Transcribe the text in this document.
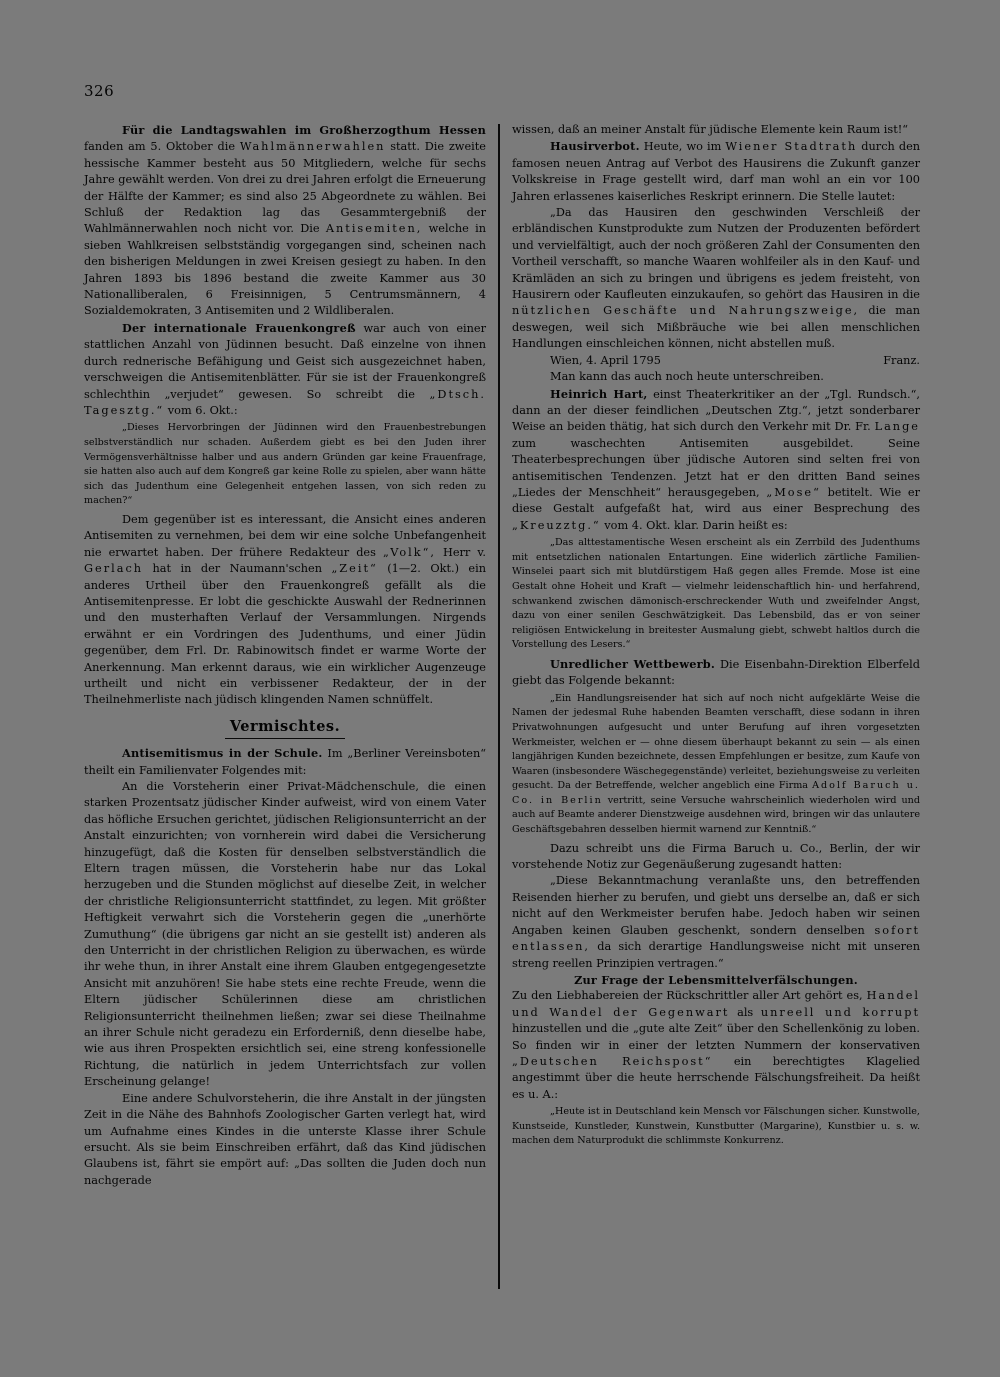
326

Für die Landtagswahlen im Großherzogthum Hessen fanden am 5. Oktober die Wahlmännerwahlen statt. Die zweite hessische Kammer besteht aus 50 Mitgliedern, welche für sechs Jahre gewählt werden. Von drei zu drei Jahren erfolgt die Erneuerung der Hälfte der Kammer; es sind also 25 Abgeordnete zu wählen. Bei Schluß der Redaktion lag das Gesammtergebniß der Wahlmännerwahlen noch nicht vor. Die Antisemiten, welche in sieben Wahlkreisen selbstständig vorgegangen sind, scheinen nach den bisherigen Meldungen in zwei Kreisen gesiegt zu haben. In den Jahren 1893 bis 1896 bestand die zweite Kammer aus 30 Nationalliberalen, 6 Freisinnigen, 5 Centrumsmännern, 4 Sozialdemokraten, 3 Antisemiten und 2 Wildliberalen.

Der internationale Frauenkongreß war auch von einer stattlichen Anzahl von Jüdinnen besucht. Daß einzelne von ihnen durch rednerische Befähigung und Geist sich ausgezeichnet haben, verschweigen die Antisemitenblätter. Für sie ist der Frauenkongreß schlechthin „verjudet“ gewesen. So schreibt die „Dtsch. Tagesztg.“ vom 6. Okt.:

„Dieses Hervorbringen der Jüdinnen wird den Frauenbestrebungen selbstverständlich nur schaden. Außerdem giebt es bei den Juden ihrer Vermögensverhältnisse halber und aus andern Gründen gar keine Frauenfrage, sie hatten also auch auf dem Kongreß gar keine Rolle zu spielen, aber wann hätte sich das Judenthum eine Gelegenheit entgehen lassen, von sich reden zu machen?“

Dem gegenüber ist es interessant, die Ansicht eines anderen Antisemiten zu vernehmen, bei dem wir eine solche Unbefangenheit nie erwartet haben. Der frühere Redakteur des „Volk“, Herr v. Gerlach hat in der Naumann'schen „Zeit“ (1—2. Okt.) ein anderes Urtheil über den Frauenkongreß gefällt als die Antisemitenpresse. Er lobt die geschickte Auswahl der Rednerinnen und den musterhaften Verlauf der Versammlungen. Nirgends erwähnt er ein Vordringen des Judenthums, und einer Jüdin gegenüber, dem Frl. Dr. Rabinowitsch findet er warme Worte der Anerkennung. Man erkennt daraus, wie ein wirklicher Augenzeuge urtheilt und nicht ein verbissener Redakteur, der in der Theilnehmerliste nach jüdisch klingenden Namen schnüffelt.

Vermischtes.

Antisemitismus in der Schule. Im „Berliner Vereinsboten“ theilt ein Familienvater Folgendes mit:

An die Vorsteherin einer Privat-Mädchenschule, die einen starken Prozentsatz jüdischer Kinder aufweist, wird von einem Vater das höfliche Ersuchen gerichtet, jüdischen Religionsunterricht an der Anstalt einzurichten; von vornherein wird dabei die Versicherung hinzugefügt, daß die Kosten für denselben selbstverständlich die Eltern tragen müssen, die Vorsteherin habe nur das Lokal herzugeben und die Stunden möglichst auf dieselbe Zeit, in welcher der christliche Religionsunterricht stattfindet, zu legen. Mit größter Heftigkeit verwahrt sich die Vorsteherin gegen die „unerhörte Zumuthung“ (die übrigens gar nicht an sie gestellt ist) anderen als den Unterricht in der christlichen Religion zu überwachen, es würde ihr wehe thun, in ihrer Anstalt eine ihrem Glauben entgegengesetzte Ansicht mit anzuhören! Sie habe stets eine rechte Freude, wenn die Eltern jüdischer Schülerinnen diese am christlichen Religionsunterricht theilnehmen ließen; zwar sei diese Theilnahme an ihrer Schule nicht geradezu ein Erforderniß, denn dieselbe habe, wie aus ihren Prospekten ersichtlich sei, eine streng konfessionelle Richtung, die natürlich in jedem Unterrichtsfach zur vollen Erscheinung gelange!

Eine andere Schulvorsteherin, die ihre Anstalt in der jüngsten Zeit in die Nähe des Bahnhofs Zoologischer Garten verlegt hat, wird um Aufnahme eines Kindes in die unterste Klasse ihrer Schule ersucht. Als sie beim Einschreiben erfährt, daß das Kind jüdischen Glaubens ist, fährt sie empört auf: „Das sollten die Juden doch nun nachgerade

wissen, daß an meiner Anstalt für jüdische Elemente kein Raum ist!“

Hausirverbot. Heute, wo im Wiener Stadtrath durch den famosen neuen Antrag auf Verbot des Hausirens die Zukunft ganzer Volkskreise in Frage gestellt wird, darf man wohl an ein vor 100 Jahren erlassenes kaiserliches Reskript erinnern. Die Stelle lautet:

„Da das Hausiren den geschwinden Verschleiß der erbländischen Kunstprodukte zum Nutzen der Produzenten befördert und vervielfältigt, auch der noch größeren Zahl der Consumenten den Vortheil verschafft, so manche Waaren wohlfeiler als in den Kauf- und Krämläden an sich zu bringen und übrigens es jedem freisteht, von Hausirern oder Kaufleuten einzukaufen, so gehört das Hausiren in die nützlichen Geschäfte und Nahrungszweige, die man deswegen, weil sich Mißbräuche wie bei allen menschlichen Handlungen einschleichen können, nicht abstellen muß.

Wien, 4. April 1795	Franz.

Man kann das auch noch heute unterschreiben.

Heinrich Hart, einst Theaterkritiker an der „Tgl. Rundsch.“, dann an der dieser feindlichen „Deutschen Ztg.“, jetzt sonderbarer Weise an beiden thätig, hat sich durch den Verkehr mit Dr. Fr. Lange zum waschechten Antisemiten ausgebildet. Seine Theaterbesprechungen über jüdische Autoren sind selten frei von antisemitischen Tendenzen. Jetzt hat er den dritten Band seines „Liedes der Menschheit“ herausgegeben, „Mose“ betitelt. Wie er diese Gestalt aufgefaßt hat, wird aus einer Besprechung des „Kreuzztg.“ vom 4. Okt. klar. Darin heißt es:

„Das alttestamentische Wesen erscheint als ein Zerrbild des Judenthums mit entsetzlichen nationalen Entartungen. Eine widerlich zärtliche Familien-Winselei paart sich mit blutdürstigem Haß gegen alles Fremde. Mose ist eine Gestalt ohne Hoheit und Kraft — vielmehr leidenschaftlich hin- und herfahrend, schwankend zwischen dämonisch-erschreckender Wuth und zweifelnder Angst, dazu von einer senilen Geschwätzigkeit. Das Lebensbild, das er von seiner religiösen Entwickelung in breitester Ausmalung giebt, schwebt haltlos durch die Vorstellung des Lesers.“

Unredlicher Wettbewerb. Die Eisenbahn-Direktion Elberfeld giebt das Folgende bekannt:

„Ein Handlungsreisender hat sich auf noch nicht aufgeklärte Weise die Namen der jedesmal Ruhe habenden Beamten verschafft, diese sodann in ihren Privatwohnungen aufgesucht und unter Berufung auf ihren vorgesetzten Werkmeister, welchen er — ohne diesem überhaupt bekannt zu sein — als einen langjährigen Kunden bezeichnete, dessen Empfehlungen er besitze, zum Kaufe von Waaren (insbesondere Wäschegegenstände) verleitet, beziehungsweise zu verleiten gesucht. Da der Betreffende, welcher angeblich eine Firma Adolf Baruch u. Co. in Berlin vertritt, seine Versuche wahrscheinlich wiederholen wird und auch auf Beamte anderer Dienstzweige ausdehnen wird, bringen wir das unlautere Geschäftsgebahren desselben hiermit warnend zur Kenntniß.“

Dazu schreibt uns die Firma Baruch u. Co., Berlin, der wir vorstehende Notiz zur Gegenäußerung zugesandt hatten:

„Diese Bekanntmachung veranlaßte uns, den betreffenden Reisenden hierher zu berufen, und giebt uns derselbe an, daß er sich nicht auf den Werkmeister berufen habe. Jedoch haben wir seinen Angaben keinen Glauben geschenkt, sondern denselben sofort entlassen, da sich derartige Handlungsweise nicht mit unseren streng reellen Prinzipien vertragen.“

Zur Frage der Lebensmittelverfälschungen.

Zu den Liebhabereien der Rückschrittler aller Art gehört es, Handel und Wandel der Gegenwart als unreell und korrupt hinzustellen und die „gute alte Zeit“ über den Schellenkönig zu loben. So finden wir in einer der letzten Nummern der konservativen „Deutschen Reichspost“ ein berechtigtes Klagelied angestimmt über die heute herrschende Fälschungsfreiheit. Da heißt es u. A.:

„Heute ist in Deutschland kein Mensch vor Fälschungen sicher. Kunstwolle, Kunstseide, Kunstleder, Kunstwein, Kunstbutter (Margarine), Kunstbier u. s. w. machen dem Naturprodukt die schlimmste Konkurrenz.
